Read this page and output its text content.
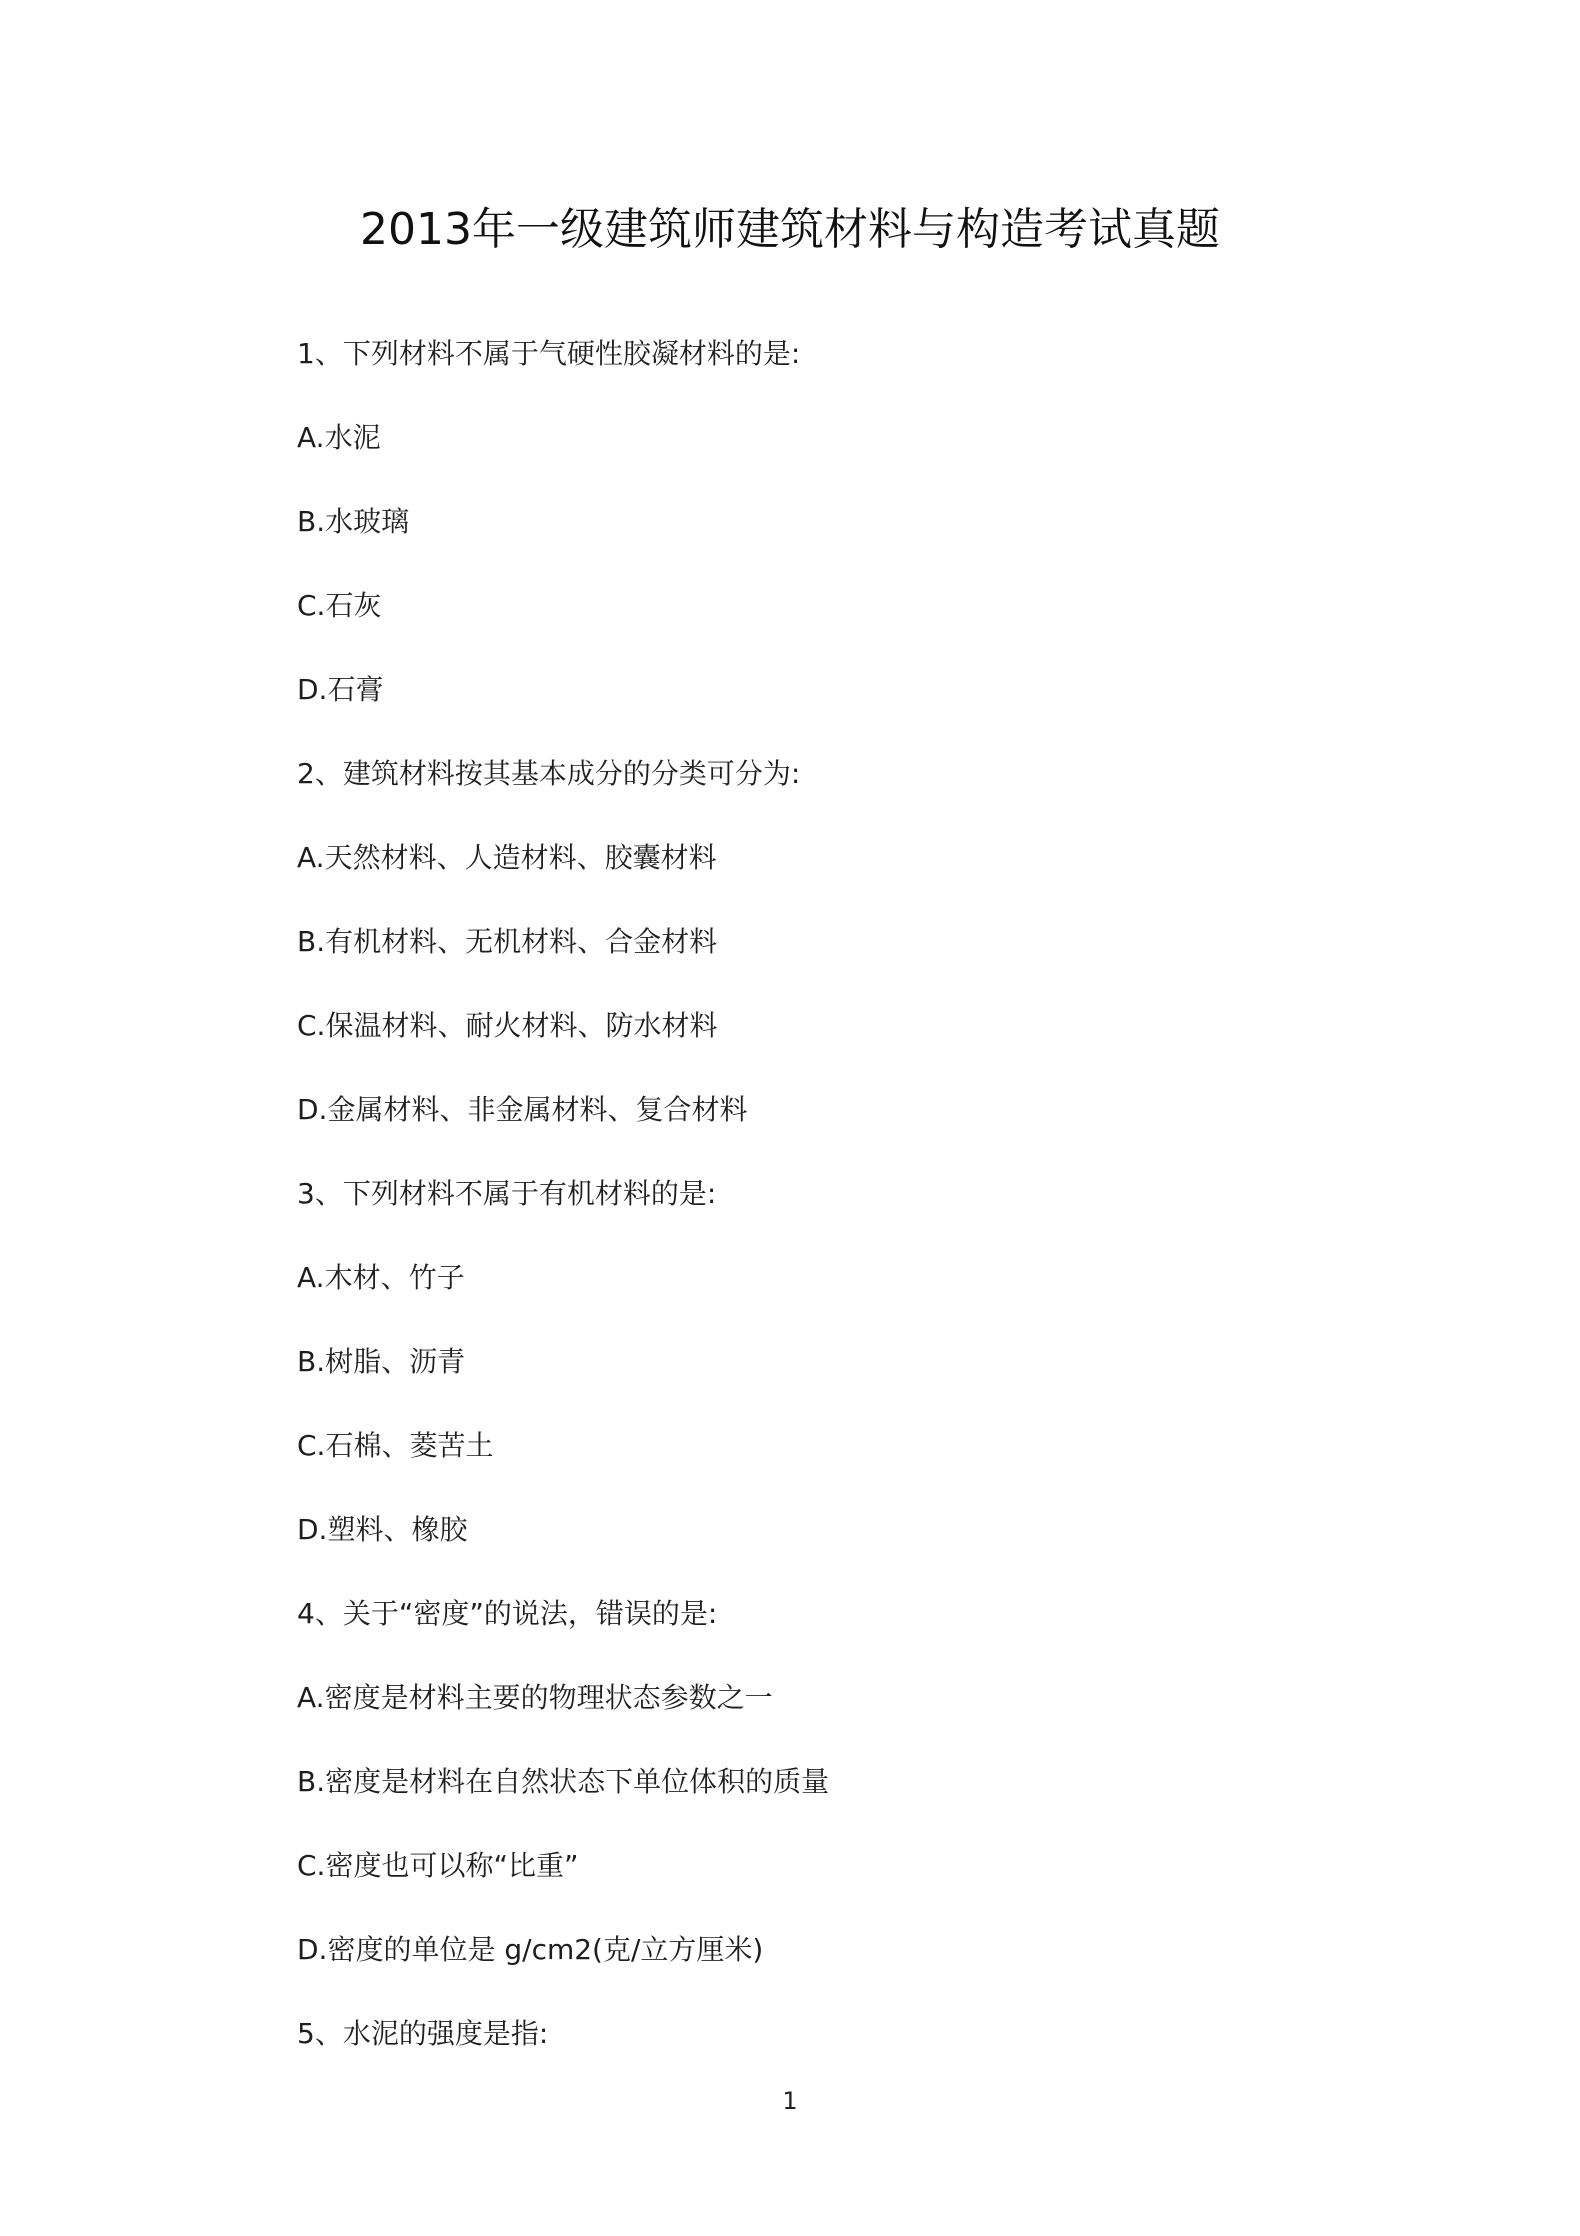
2013年一级建筑师建筑材料与构造考试真题
1、下列材料不属于气硬性胶凝材料的是:
A.水泥
B.水玻璃
C.石灰
D.石膏
2、建筑材料按其基本成分的分类可分为:
A.天然材料、人造材料、胶囊材料
B.有机材料、无机材料、合金材料
C.保温材料、耐火材料、防水材料
D.金属材料、非金属材料、复合材料
3、下列材料不属于有机材料的是:
A.木材、竹子
B.树脂、沥青
C.石棉、菱苦土
D.塑料、橡胶
4、关于“密度”的说法，错误的是:
A.密度是材料主要的物理状态参数之一
B.密度是材料在自然状态下单位体积的质量
C.密度也可以称“比重”
D.密度的单位是 g/cm2(克/立方厘米)
5、水泥的强度是指:
1
